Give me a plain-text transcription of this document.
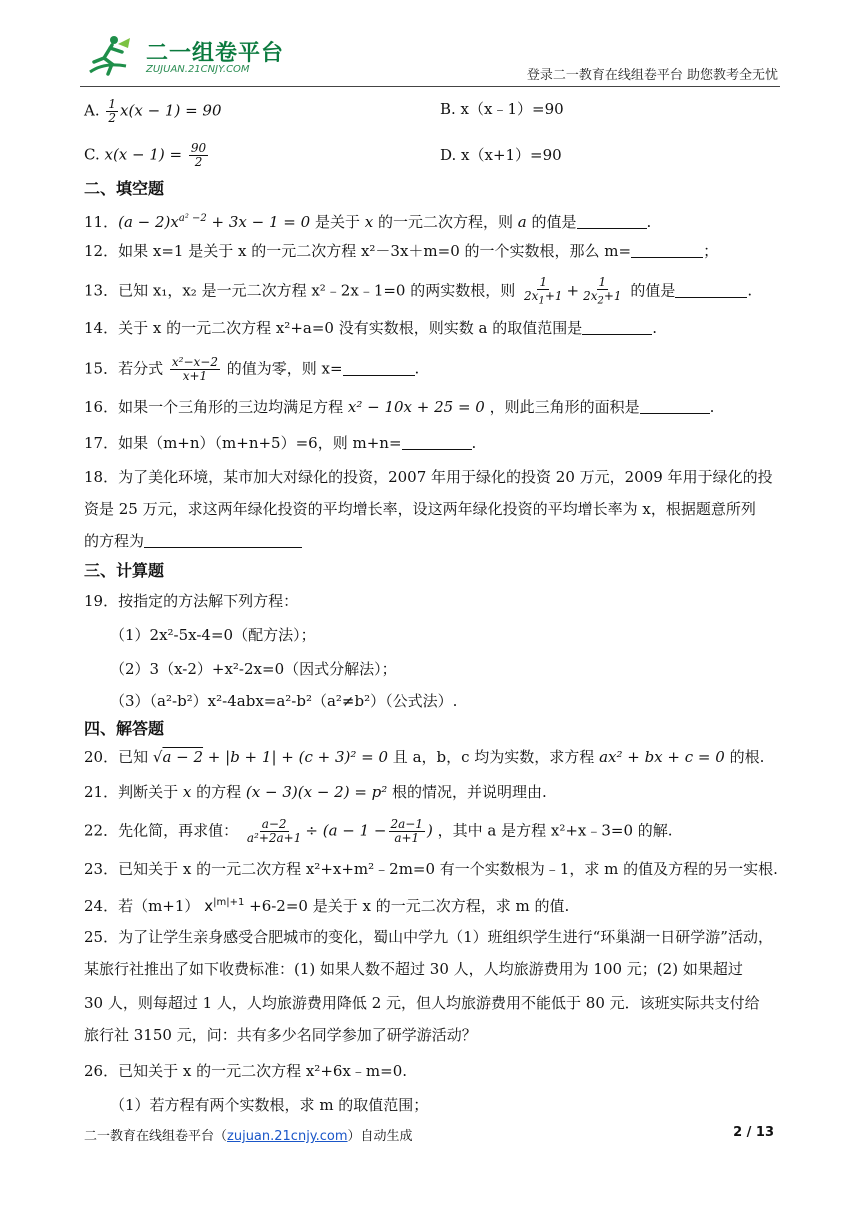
二一组卷平台
ZUJUAN.21CNJY.COM	登录二一教育在线组卷平台 助您教考全无忧
A. $\frac{1}{2} x(x - 1) = 90$	B. x（x﹣1）=90
C. $x(x - 1) = \frac{90}{2}$	D. x（x+1）=90
二、填空题
11．$(a - 2)x^{a^2 -2} + 3x - 1 = 0$ 是关于 x 的一元二次方程，则 a 的值是	.
12．如果 x=1 是关于 x 的一元二次方程 x²－3x＋m=0 的一个实数根，那么 m=	；
13．已知 x₁，x₂ 是一元二次方程 x²﹣2x﹣1=0 的两实数根，则 $\frac{1}{2x_1+1} + \frac{1}{2x_2+1}$ 的值是	.
14．关于 x 的一元二次方程 x²+a=0 没有实数根，则实数 a 的取值范围是	.
15．若分式 $\frac{\text{x²−x−2}}{x+1}$ 的值为零，则 x=	.
16．如果一个三角形的三边均满足方程 x² − 10x + 25 = 0 ，则此三角形的面积是	.
17．如果（m+n）（m+n+5）=6，则 m+n=	.
18．为了美化环境，某市加大对绿化的投资，2007 年用于绿化的投资 20 万元，2009 年用于绿化的投
资是 25 万元，求这两年绿化投资的平均增长率，设这两年绿化投资的平均增长率为 x，根据题意所列
的方程为
三、计算题
19．按指定的方法解下列方程：
（1）2x²-5x-4=0（配方法）；
（2）3（x-2）+x²-2x=0（因式分解法）；
（3）（a²-b²）x²-4abx=a²-b²（a²≠b²）（公式法）.
四、解答题
20．已知 √a − 2 + |b + 1| + (c + 3)² = 0 且 a，b，c 均为实数，求方程 ax² + bx + c = 0 的根.
21．判断关于 x 的方程 (x − 3)(x − 2) = p² 根的情况，并说明理由.
22．先化简，再求值： $\frac{a-2}{\text{a²+2a+1}} \div (a - 1 - \frac{2a-1}{a+1}$ ) ，其中 a 是方程 x²+x﹣3=0 的解.
23．已知关于 x 的一元二次方程 x²+x+m²﹣2m=0 有一个实数根为﹣1，求 m 的值及方程的另一实根.
24．若（m+1） $x^{|m|+1} +6-2=0$ 是关于 x 的一元二次方程，求 m 的值.
25．为了让学生亲身感受合肥城市的变化，蜀山中学九（1）班组织学生进行“环巢湖一日研学游”活动，
某旅行社推出了如下收费标准：(1) 如果人数不超过 30 人，人均旅游费用为 100 元；(2) 如果超过
30 人，则每超过 1 人，人均旅游费用降低 2 元，但人均旅游费用不能低于 80 元．该班实际共支付给
旅行社 3150 元，问：共有多少名同学参加了研学游活动？
26．已知关于 x 的一元二次方程 x²+6x﹣m=0.
（1）若方程有两个实数根，求 m 的取值范围；
二一教育在线组卷平台（zujuan.21cnjy.com）自动生成	2 / 13
